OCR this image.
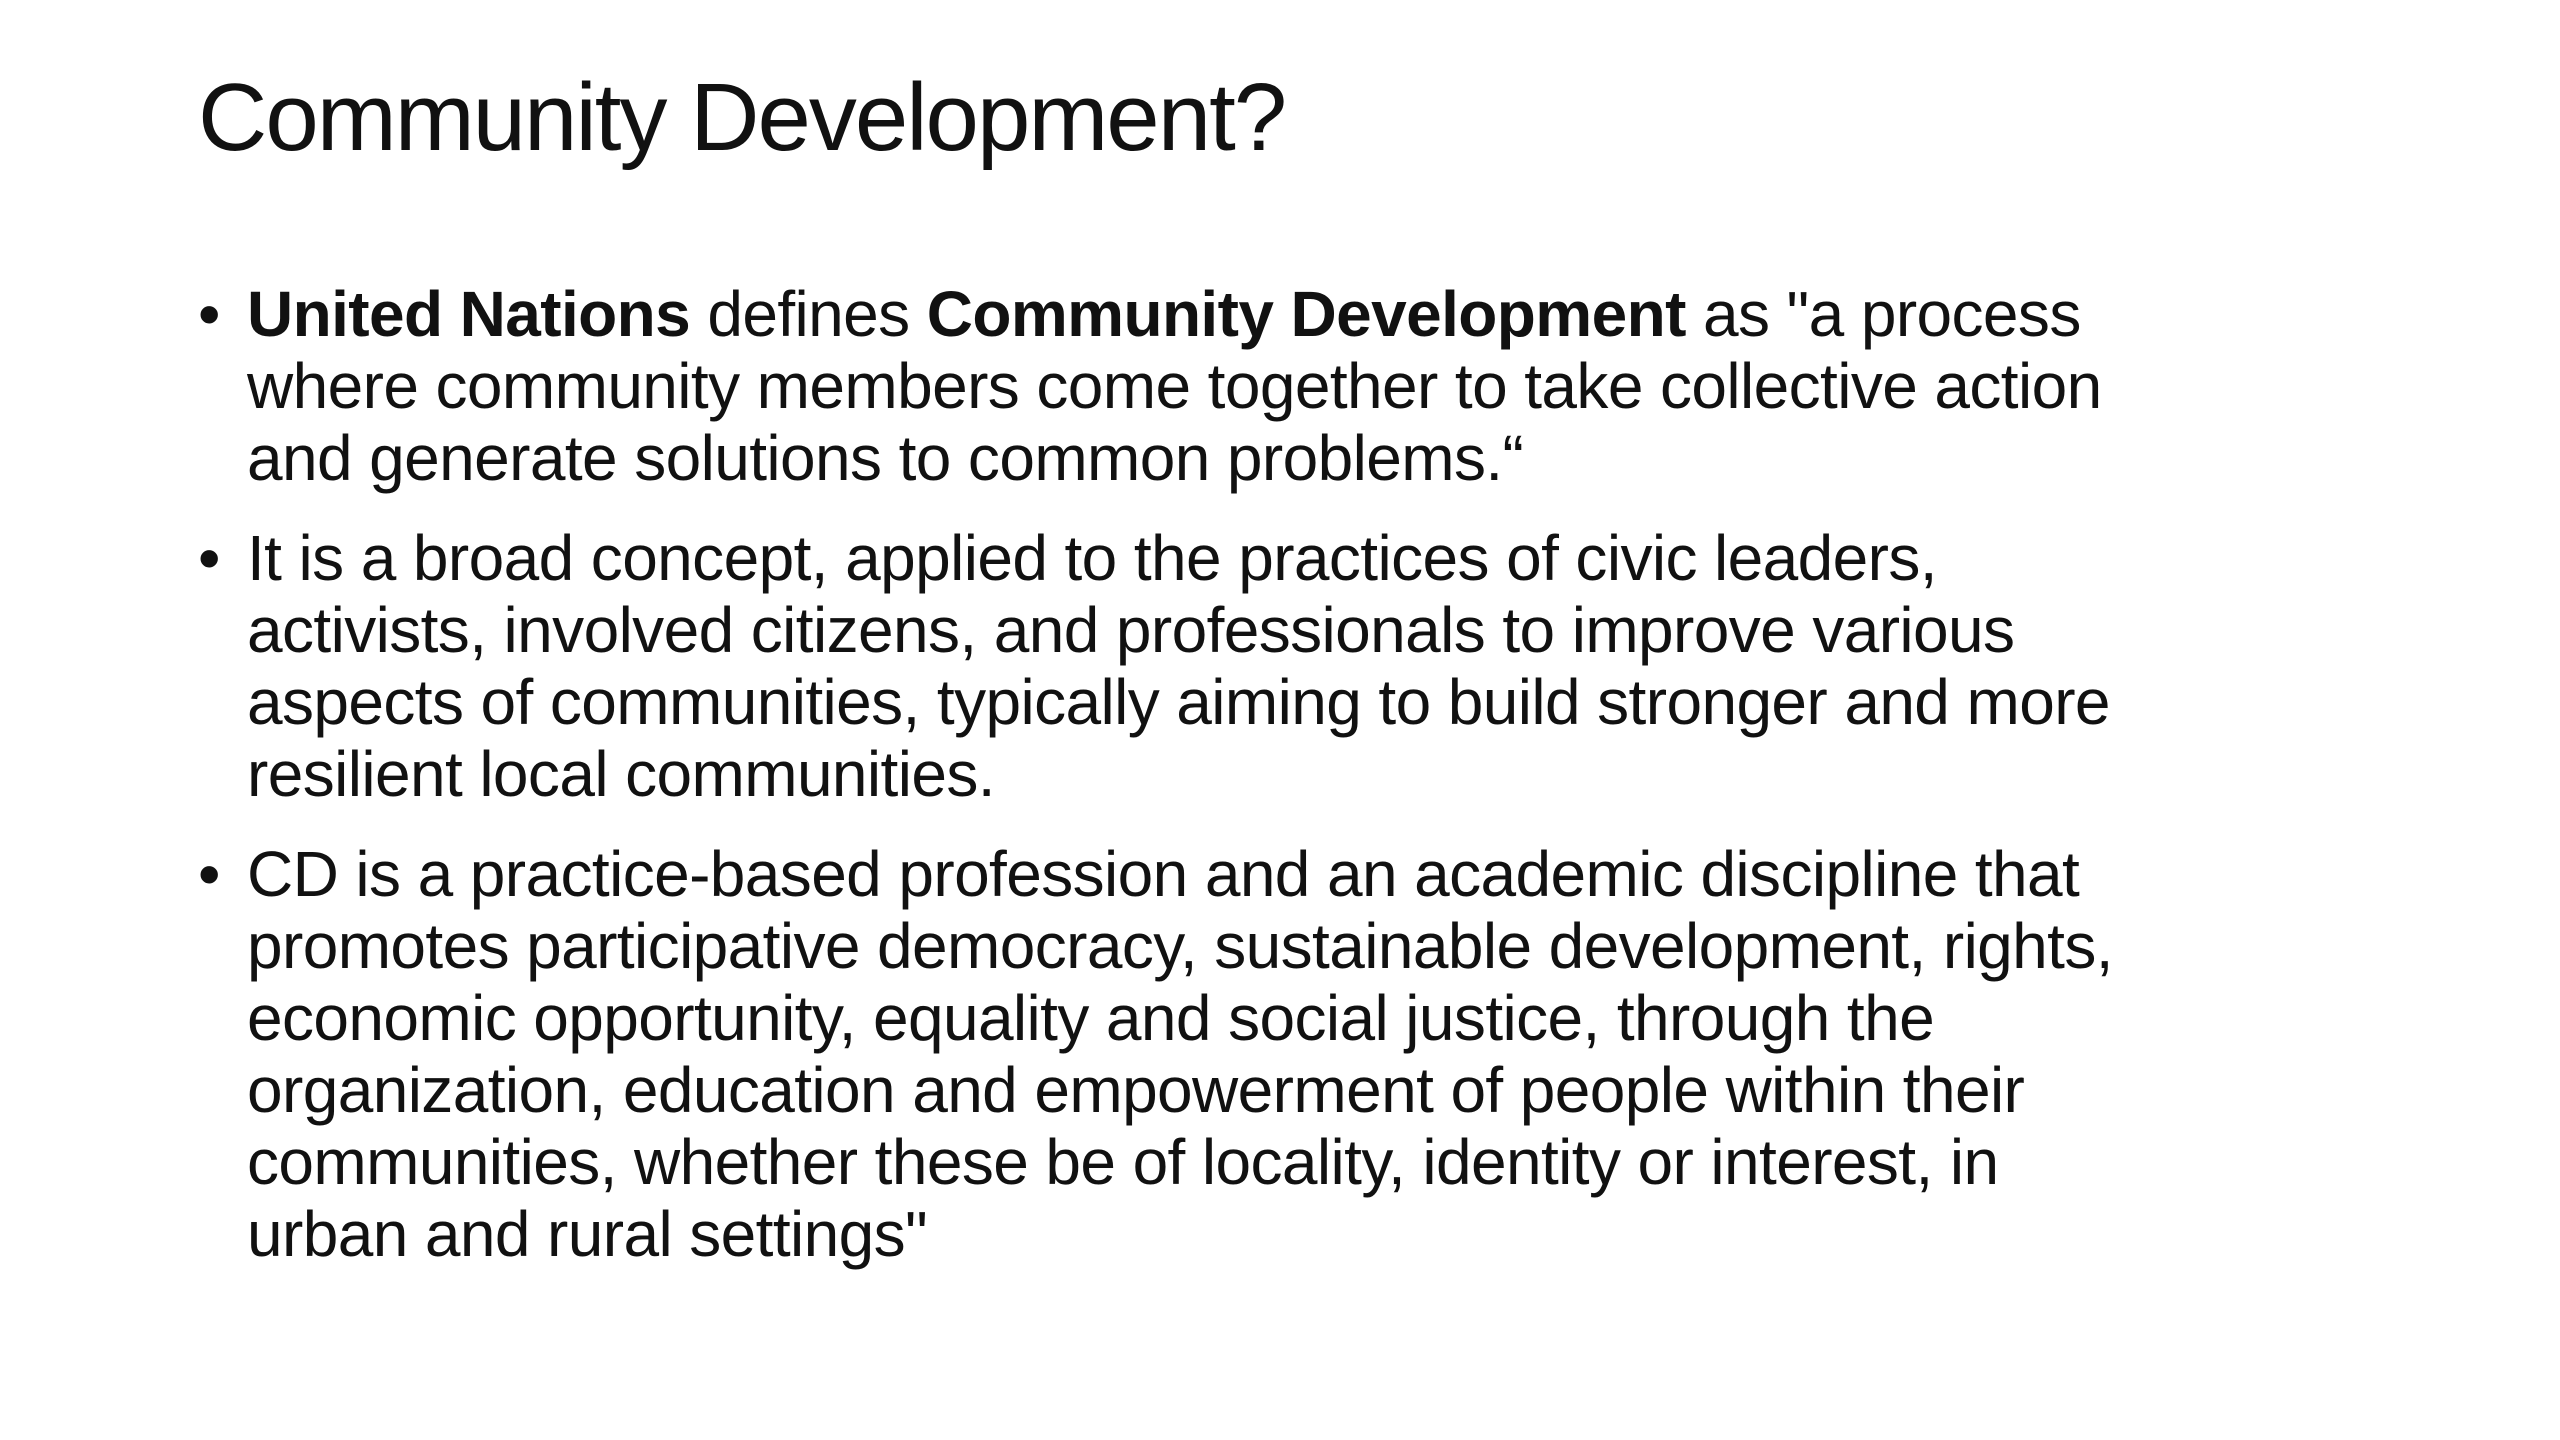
Community Development?
• United Nations defines Community Development as "a process
where community members come together to take collective action
and generate solutions to common problems.“
• It is a broad concept, applied to the practices of civic leaders,
activists, involved citizens, and professionals to improve various
aspects of communities, typically aiming to build stronger and more
resilient local communities.
• CD is a practice-based profession and an academic discipline that
promotes participative democracy, sustainable development, rights,
economic opportunity, equality and social justice, through the
organization, education and empowerment of people within their
communities, whether these be of locality, identity or interest, in
urban and rural settings"
